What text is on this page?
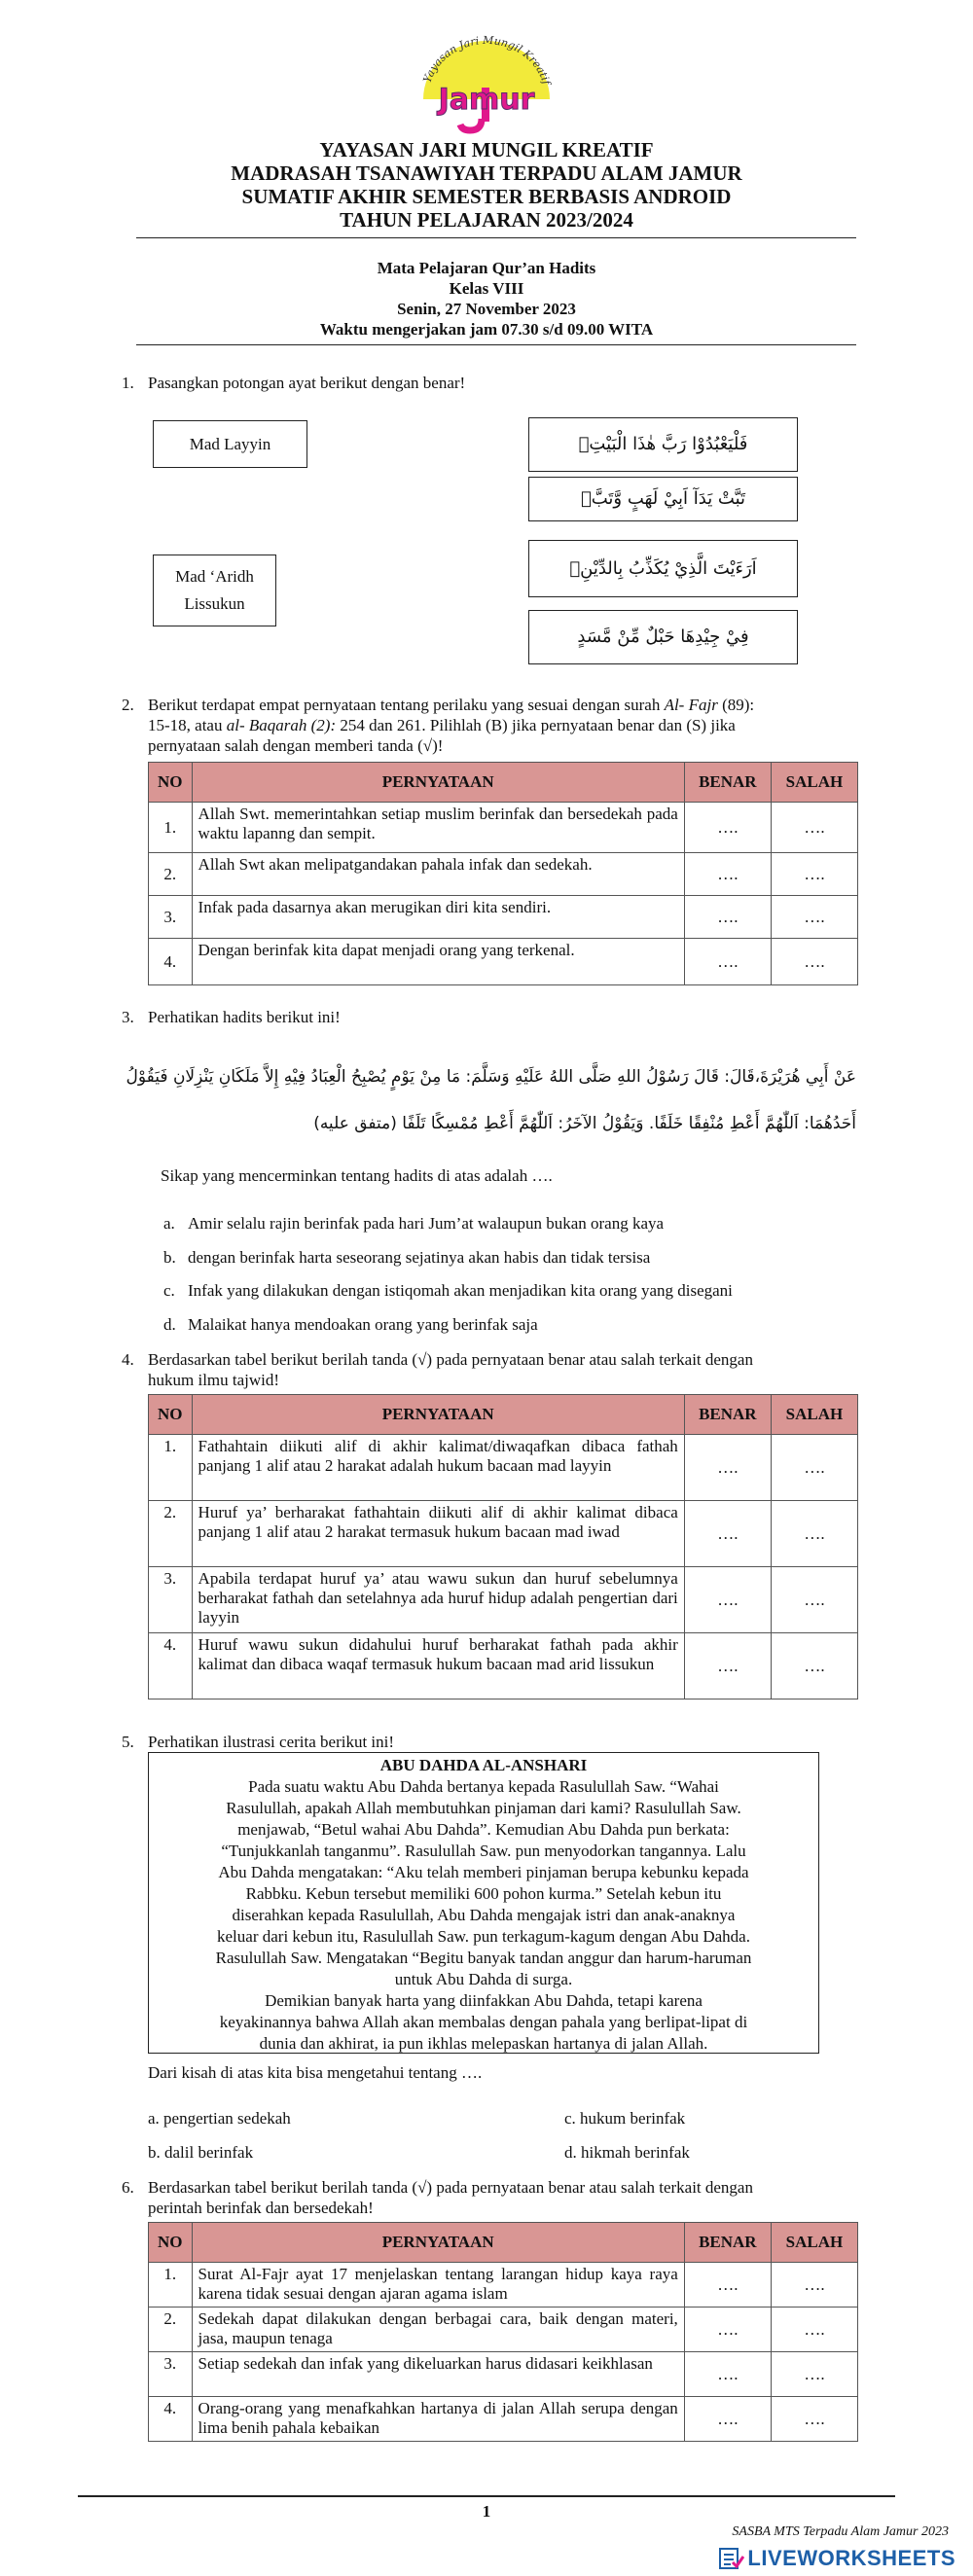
Yayasan Jari Mungil Kreatif
Jamur
YAYASAN JARI MUNGIL KREATIF
MADRASAH TSANAWIYAH TERPADU ALAM JAMUR
SUMATIF AKHIR SEMESTER BERBASIS ANDROID
TAHUN PELAJARAN 2023/2024
Mata Pelajaran Qur’an Hadits
Kelas VIII
Senin, 27 November 2023
Waktu mengerjakan jam 07.30 s/d 09.00 WITA
1. Pasangkan potongan ayat berikut dengan benar!
Mad Layyin
Mad ‘Aridh Lissukun
فَلْيَعْبُدُوْا رَبَّ هٰذَا الْبَيْتِۙ
تَبَّتْ يَدَآ اَبِيْ لَهَبٍ وَّتَبَّۗ
اَرَءَيْتَ الَّذِيْ يُكَذِّبُ بِالدِّيْنِۗ
فِيْ جِيْدِهَا حَبْلٌ مِّنْ مَّسَدٍ
2. Berikut terdapat empat pernyataan tentang perilaku yang sesuai dengan surah Al- Fajr (89):
15-18, atau al- Baqarah (2): 254 dan 261. Pilihlah (B) jika pernyataan benar dan (S) jika
pernyataan salah dengan memberi tanda (√)!
NO	PERNYATAAN	BENAR	SALAH
1.	Allah Swt. memerintahkan setiap muslim berinfak dan bersedekah pada waktu lapanng dan sempit.	….	….
2.	Allah Swt akan melipatgandakan pahala infak dan sedekah.	….	….
3.	Infak pada dasarnya akan merugikan diri kita sendiri.	….	….
4.	Dengan berinfak kita dapat menjadi orang yang terkenal.	….	….
3. Perhatikan hadits berikut ini!
عَنْ أَبِي هُرَيْرَةَ،قَالَ: قَالَ رَسُوْلُ اللهِ صَلَّى اللهُ عَلَيْهِ وَسَلَّمَ: مَا مِنْ يَوْمٍ يُصْبِحُ الْعِبَادُ فِيْهِ إِلاَّ مَلَكَانِ يَنْزِلَانِ فَيَقُوْلُ
أَحَدُهُمَا: اَللّٰهُمَّ أَعْطِ مُنْفِقًا خَلَفًا. وَيَقُوْلُ الآخَرُ: اَللّٰهُمَّ أَعْطِ مُمْسِكًا تَلَفًا (متفق عليه)
Sikap yang mencerminkan tentang hadits di atas adalah ….
a. Amir selalu rajin berinfak pada hari Jum’at walaupun bukan orang kaya
b. dengan berinfak harta seseorang sejatinya akan habis dan tidak tersisa
c. Infak yang dilakukan dengan istiqomah akan menjadikan kita orang yang disegani
d. Malaikat hanya mendoakan orang yang berinfak saja
4. Berdasarkan tabel berikut berilah tanda (√) pada pernyataan benar atau salah terkait dengan
hukum ilmu tajwid!
NO	PERNYATAAN	BENAR	SALAH
1.	Fathahtain diikuti alif di akhir kalimat/diwaqafkan dibaca fathah panjang 1 alif atau 2 harakat adalah hukum bacaan mad layyin	….	….
2.	Huruf ya’ berharakat fathahtain diikuti alif di akhir kalimat dibaca panjang 1 alif atau 2 harakat termasuk hukum bacaan mad iwad	….	….
3.	Apabila terdapat huruf ya’ atau wawu sukun dan huruf sebelumnya berharakat fathah dan setelahnya ada huruf hidup adalah pengertian dari layyin	….	….
4.	Huruf wawu sukun didahului huruf berharakat fathah pada akhir kalimat dan dibaca waqaf termasuk hukum bacaan mad arid lissukun	….	….
5. Perhatikan ilustrasi cerita berikut ini!
ABU DAHDA AL-ANSHARI
Pada suatu waktu Abu Dahda bertanya kepada Rasulullah Saw. “Wahai
Rasulullah, apakah Allah membutuhkan pinjaman dari kami? Rasulullah Saw.
menjawab, “Betul wahai Abu Dahda”. Kemudian Abu Dahda pun berkata:
“Tunjukkanlah tanganmu”. Rasulullah Saw. pun menyodorkan tangannya. Lalu
Abu Dahda mengatakan: “Aku telah memberi pinjaman berupa kebunku kepada
Rabbku. Kebun tersebut memiliki 600 pohon kurma.” Setelah kebun itu
diserahkan kepada Rasulullah, Abu Dahda mengajak istri dan anak-anaknya
keluar dari kebun itu, Rasulullah Saw. pun terkagum-kagum dengan Abu Dahda.
Rasulullah Saw. Mengatakan “Begitu banyak tandan anggur dan harum-haruman
untuk Abu Dahda di surga.
Demikian banyak harta yang diinfakkan Abu Dahda, tetapi karena
keyakinannya bahwa Allah akan membalas dengan pahala yang berlipat-lipat di
dunia dan akhirat, ia pun ikhlas melepaskan hartanya di jalan Allah.
Dari kisah di atas kita bisa mengetahui tentang ….
a. pengertian sedekah	c. hukum berinfak
b. dalil berinfak	d. hikmah berinfak
6. Berdasarkan tabel berikut berilah tanda (√) pada pernyataan benar atau salah terkait dengan
perintah berinfak dan bersedekah!
NO	PERNYATAAN	BENAR	SALAH
1.	Surat Al-Fajr ayat 17 menjelaskan tentang larangan hidup kaya raya karena tidak sesuai dengan ajaran agama islam	….	….
2.	Sedekah dapat dilakukan dengan berbagai cara, baik dengan materi, jasa, maupun tenaga	….	….
3.	Setiap sedekah dan infak yang dikeluarkan harus didasari keikhlasan	….	….
4.	Orang-orang yang menafkahkan hartanya di jalan Allah serupa dengan lima benih pahala kebaikan	….	….
1
SASBA MTS Terpadu Alam Jamur 2023
LIVEWORKSHEETS
